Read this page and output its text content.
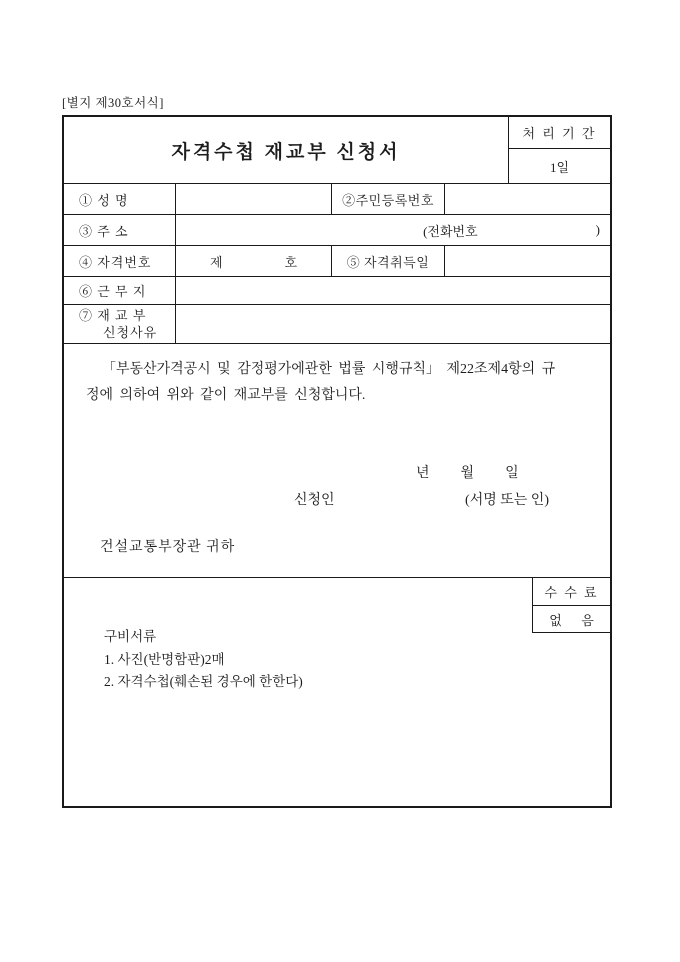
[별지 제30호서식]
자격수첩 재교부 신청서
처 리 기 간
1일
① 성 명	②주민등록번호
③ 주 소	(전화번호	)
④ 자격번호	제	호	⑤ 자격취득일
⑥ 근 무 지
⑦ 재 교 부
신청사유
「부동산가격공시 및 감정평가에관한 법률 시행규칙」 제22조제4항의 규
정에 의하여 위와 같이 재교부를 신청합니다.
년 월 일
신청인	(서명 또는 인)
건설교통부장관 귀하
수 수 료
없      음
구비서류
1. 사진(반명함판)2매
2. 자격수첩(훼손된 경우에 한한다)
